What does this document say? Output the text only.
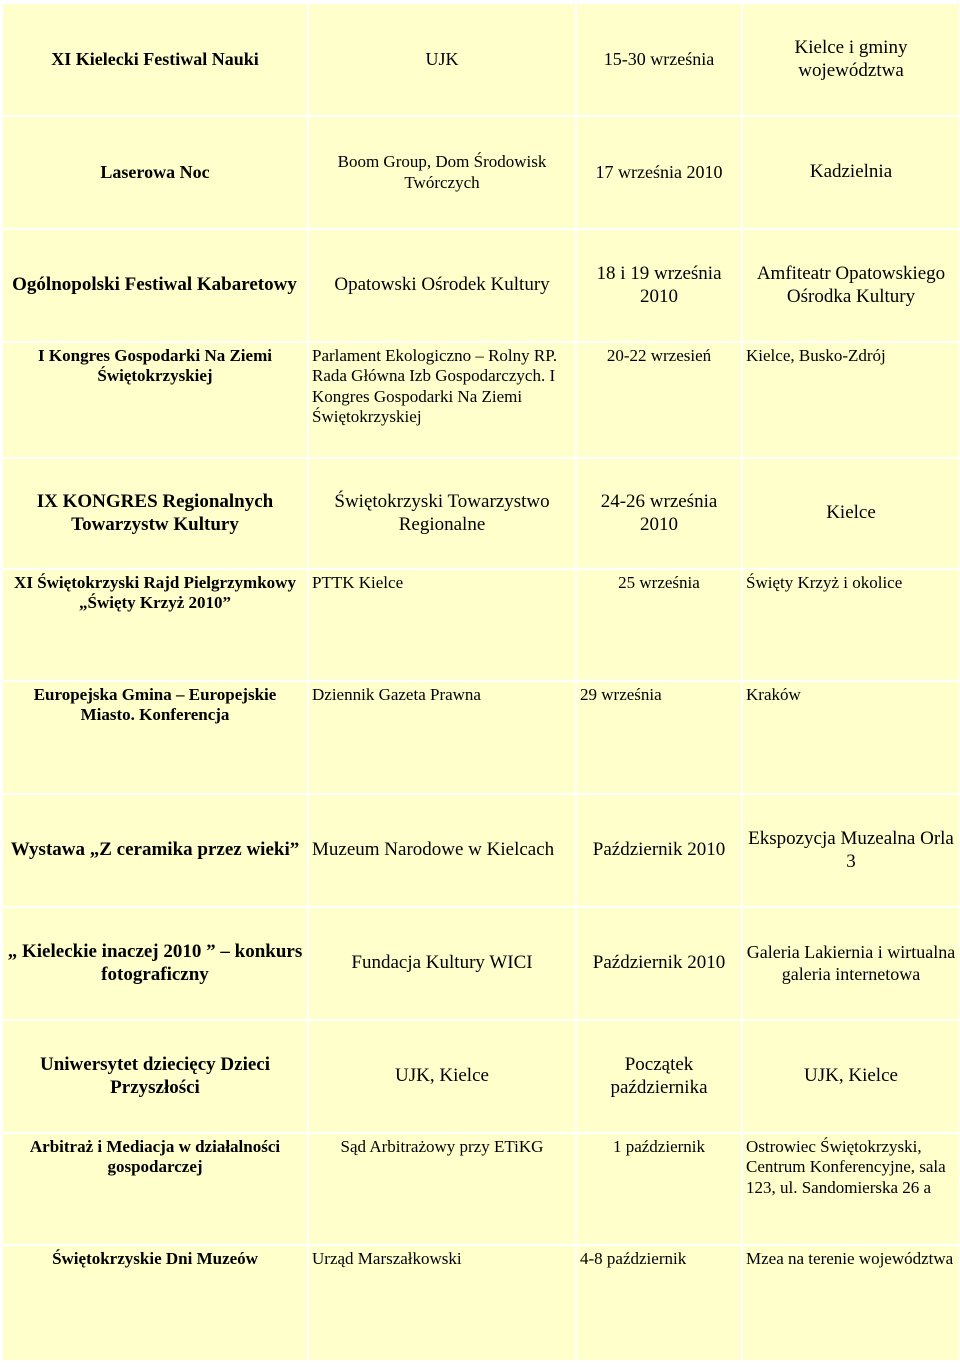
XI Kielecki Festiwal Nauki	UJK	15-30 września	Kielce i gminy województwa
Laserowa Noc	Boom Group, Dom Środowisk Twórczych	17 września 2010	Kadzielnia
Ogólnopolski Festiwal Kabaretowy	Opatowski Ośrodek Kultury	18 i 19 września 2010	Amfiteatr Opatowskiego Ośrodka Kultury
I Kongres Gospodarki Na Ziemi Świętokrzyskiej	Parlament Ekologiczno – Rolny RP. Rada Główna Izb Gospodarczych. I Kongres Gospodarki Na Ziemi Świętokrzyskiej	20-22 wrzesień	Kielce, Busko-Zdrój
IX KONGRES Regionalnych Towarzystw Kultury	Świętokrzyski Towarzystwo Regionalne	24-26 września 2010	Kielce
XI Świętokrzyski Rajd Pielgrzymkowy „Święty Krzyż 2010”	PTTK Kielce	25 września	Święty Krzyż i okolice
Europejska Gmina – Europejskie Miasto. Konferencja	Dziennik Gazeta Prawna	29 września	Kraków
Wystawa „Z ceramika przez wieki”	Muzeum Narodowe w Kielcach	Październik 2010	Ekspozycja Muzealna Orla 3
„ Kieleckie inaczej 2010 ” – konkurs fotograficzny	Fundacja Kultury WICI	Październik 2010	Galeria Lakiernia i wirtualna galeria internetowa
Uniwersytet dziecięcy Dzieci Przyszłości	UJK, Kielce	Początek października	UJK, Kielce
Arbitraż i Mediacja w działalności gospodarczej	Sąd Arbitrażowy przy ETiKG	1 październik	Ostrowiec Świętokrzyski, Centrum Konferencyjne, sala 123, ul. Sandomierska 26 a
Świętokrzyskie Dni Muzeów	Urząd Marszałkowski	4-8 październik	Mzea na terenie województwa
